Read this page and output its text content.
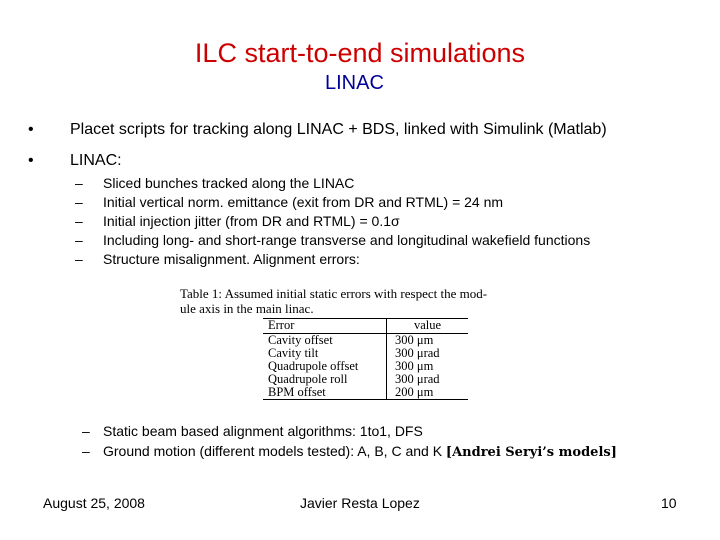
ILC start-to-end simulations
LINAC
• Placet scripts for tracking along LINAC + BDS, linked with Simulink (Matlab)
• LINAC:
– Sliced bunches tracked along the LINAC
– Initial vertical norm. emittance (exit from DR and RTML) = 24 nm
– Initial injection jitter (from DR and RTML) = 0.1σ
– Including long- and short-range transverse and longitudinal wakefield functions
– Structure misalignment. Alignment errors:
Table 1: Assumed initial static errors with respect the mod-
ule axis in the main linac.
Error	value
Cavity offset	300 μm
Cavity tilt	300 μrad
Quadrupole offset	300 μm
Quadrupole roll	300 μrad
BPM offset	200 μm
– Static beam based alignment algorithms: 1to1, DFS
– Ground motion (different models tested): A, B, C and K [Andrei Seryi’s models]
August 25, 2008	Javier Resta Lopez	10
